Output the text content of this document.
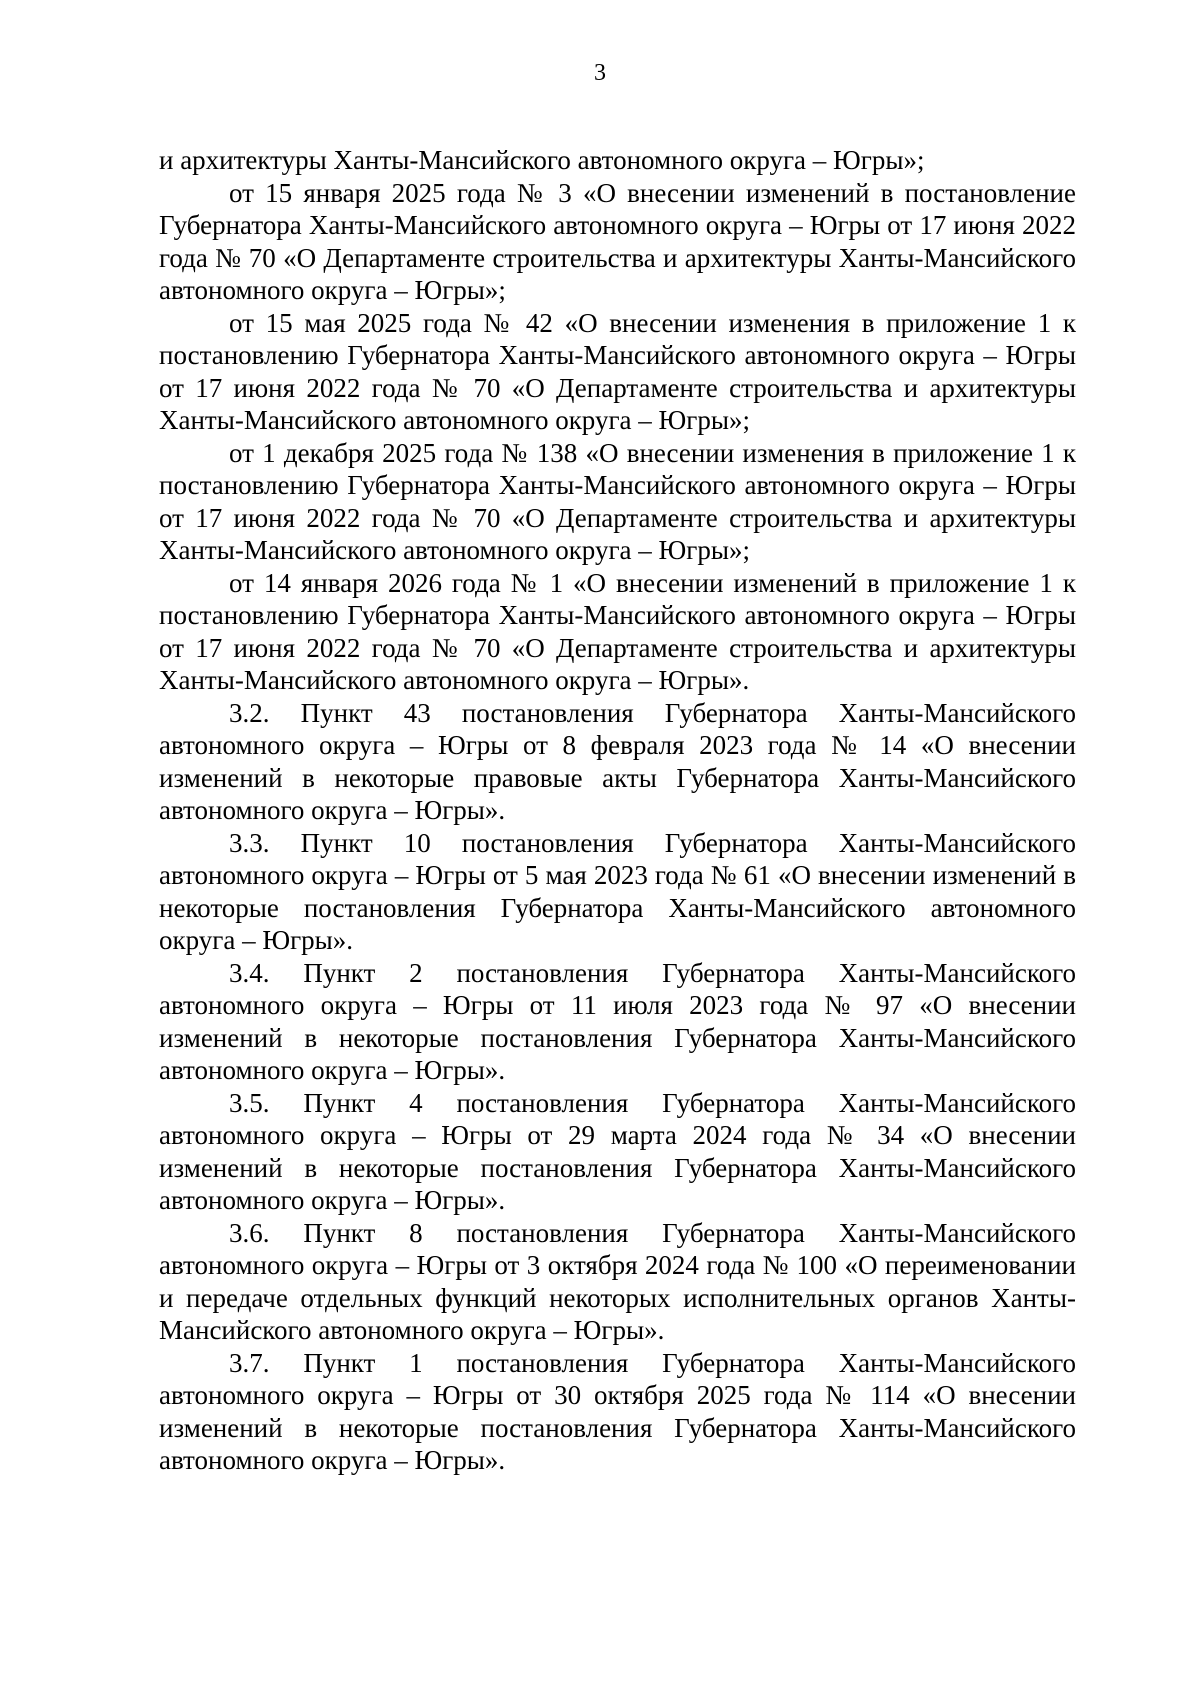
3

и архитектуры Ханты-Мансийского автономного округа – Югры»;

от 15 января 2025 года № 3 «О внесении изменений в постановление Губернатора Ханты-Мансийского автономного округа – Югры от 17 июня 2022 года № 70 «О Департаменте строительства и архитектуры Ханты-Мансийского автономного округа – Югры»;

от 15 мая 2025 года № 42 «О внесении изменения в приложение 1 к постановлению Губернатора Ханты-Мансийского автономного округа – Югры от 17 июня 2022 года № 70 «О Департаменте строительства и архитектуры Ханты-Мансийского автономного округа – Югры»;

от 1 декабря 2025 года № 138 «О внесении изменения в приложение 1 к постановлению Губернатора Ханты-Мансийского автономного округа – Югры от 17 июня 2022 года № 70 «О Департаменте строительства и архитектуры Ханты-Мансийского автономного округа – Югры»;

от 14 января 2026 года № 1 «О внесении изменений в приложение 1 к постановлению Губернатора Ханты-Мансийского автономного округа – Югры от 17 июня 2022 года № 70 «О Департаменте строительства и архитектуры Ханты-Мансийского автономного округа – Югры».

3.2. Пункт 43 постановления Губернатора Ханты-Мансийского автономного округа – Югры от 8 февраля 2023 года № 14 «О внесении изменений в некоторые правовые акты Губернатора Ханты-Мансийского автономного округа – Югры».

3.3. Пункт 10 постановления Губернатора Ханты-Мансийского автономного округа – Югры от 5 мая 2023 года № 61 «О внесении изменений в некоторые постановления Губернатора Ханты-Мансийского автономного округа – Югры».

3.4. Пункт 2 постановления Губернатора Ханты-Мансийского автономного округа – Югры от 11 июля 2023 года № 97 «О внесении изменений в некоторые постановления Губернатора Ханты-Мансийского автономного округа – Югры».

3.5. Пункт 4 постановления Губернатора Ханты-Мансийского автономного округа – Югры от 29 марта 2024 года № 34 «О внесении изменений в некоторые постановления Губернатора Ханты-Мансийского автономного округа – Югры».

3.6. Пункт 8 постановления Губернатора Ханты-Мансийского автономного округа – Югры от 3 октября 2024 года № 100 «О переименовании и передаче отдельных функций некоторых исполнительных органов Ханты-Мансийского автономного округа – Югры».

3.7. Пункт 1 постановления Губернатора Ханты-Мансийского автономного округа – Югры от 30 октября 2025 года № 114 «О внесении изменений в некоторые постановления Губернатора Ханты-Мансийского автономного округа – Югры».
